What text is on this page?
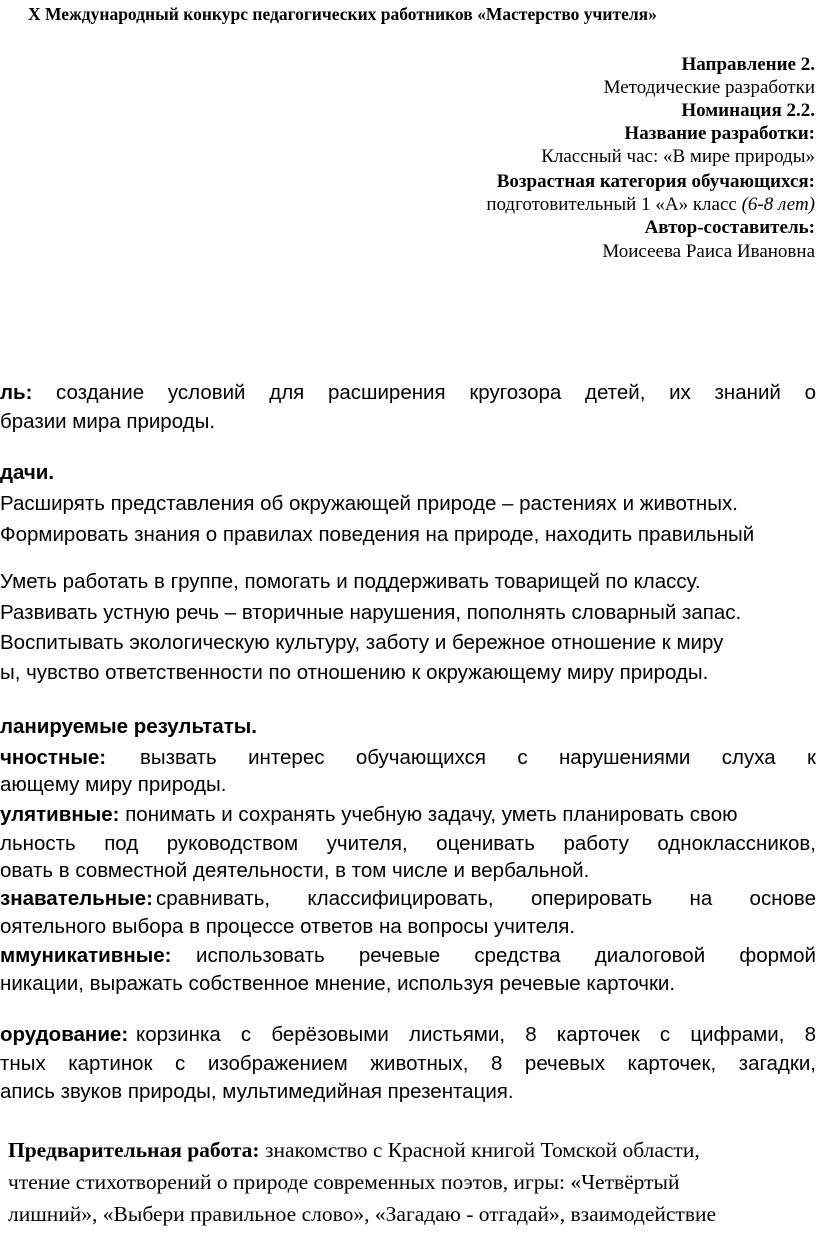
X Международный конкурс педагогических работников «Мастерство учителя»
Направление 2.
Методические разработки
Номинация 2.2.
Название разработки:
Классный час: «В мире природы»
Возрастная категория обучающихся:
подготовительный 1 «А» класс (6-8 лет)
Автор-составитель:
Моисеева Раиса Ивановна
ль: создание условий для расширения кругозора детей, их знаний о
бразии мира природы.
дачи.
Расширять представления об окружающей природе – растениях и животных.
Формировать знания о правилах поведения на природе, находить правильный
Уметь работать в группе, помогать и поддерживать товарищей по классу.
Развивать устную речь – вторичные нарушения, пополнять словарный запас.
Воспитывать экологическую культуру, заботу и бережное отношение к миру
ы, чувство ответственности по отношению к окружающему миру природы.
ланируемые результаты.
чностные: вызвать интерес обучающихся с нарушениями слуха к
ающему миру природы.
улятивные: понимать и сохранять учебную задачу, уметь планировать свою
льность под руководством учителя, оценивать работу одноклассников,
овать в совместной деятельности, в том числе и вербальной.
знавательные: сравнивать, классифицировать, оперировать на основе
оятельного выбора в процессе ответов на вопросы учителя.
ммуникативные: использовать речевые средства диалоговой формой
никации, выражать собственное мнение, используя речевые карточки.
орудование: корзинка с берёзовыми листьями, 8 карточек с цифрами, 8
тных картинок с изображением животных, 8 речевых карточек, загадки,
апись звуков природы, мультимедийная презентация.
Предварительная работа: знакомство с Красной книгой Томской области,
чтение стихотворений о природе современных поэтов, игры: «Четвёртый
лишний», «Выбери правильное слово», «Загадаю - отгадай», взаимодействие
